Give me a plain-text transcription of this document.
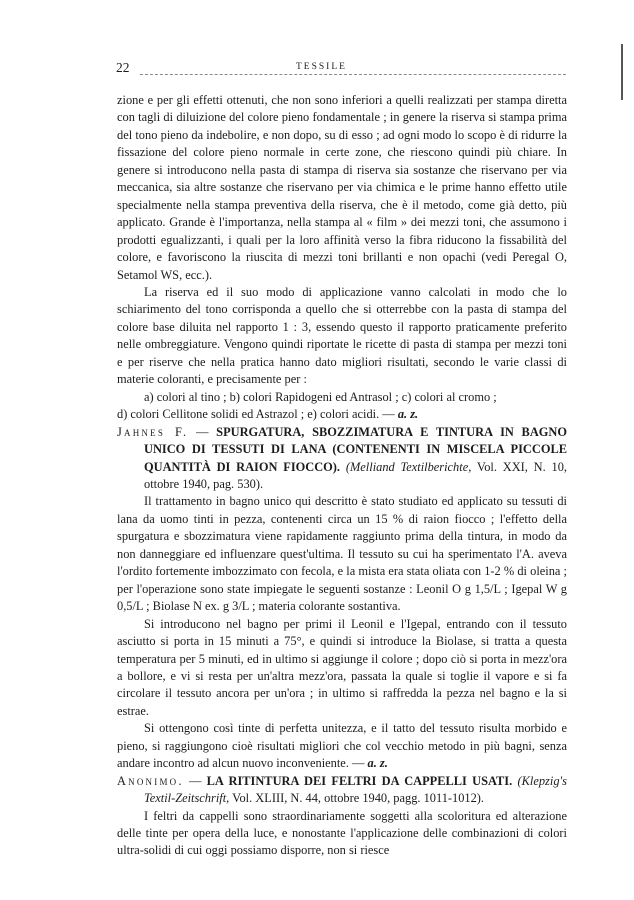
22	TESSILE

zione e per gli effetti ottenuti, che non sono inferiori a quelli realizzati per stampa diretta con tagli di diluizione del colore pieno fondamentale ; in genere la riserva si stampa prima del tono pieno da indebolire, e non dopo, su di esso ; ad ogni modo lo scopo è di ridurre la fissazione del colore pieno normale in certe zone, che riescono quindi più chiare. In genere si introducono nella pasta di stampa di riserva sia sostanze che riservano per via meccanica, sia altre sostanze che riservano per via chimica e le prime hanno effetto utile specialmente nella stampa preventiva della riserva, che è il metodo, come già detto, più applicato. Grande è l'importanza, nella stampa al « film » dei mezzi toni, che assumono i prodotti egualizzanti, i quali per la loro affinità verso la fibra riducono la fissabilità del colore, e favoriscono la riuscita di mezzi toni brillanti e non opachi (vedi Peregal O, Setamol WS, ecc.).

La riserva ed il suo modo di applicazione vanno calcolati in modo che lo schiarimento del tono corrisponda a quello che si otterrebbe con la pasta di stampa del colore base diluita nel rapporto 1 : 3, essendo questo il rapporto praticamente preferito nelle ombreggiature. Vengono quindi riportate le ricette di pasta di stampa per mezzi toni e per riserve che nella pratica hanno dato migliori risultati, secondo le varie classi di materie coloranti, e precisamente per :

a) colori al tino ; b) colori Rapidogeni ed Antrasol ; c) colori al cromo ;

d) colori Cellitone solidi ed Astrazol ; e) colori acidi. — a. z.

Jahnes F. — SPURGATURA, SBOZZIMATURA E TINTURA IN BAGNO UNICO DI TESSUTI DI LANA (CONTENENTI IN MISCELA PICCOLE QUANTITÀ DI RAION FIOCCO). (Melliand Textilberichte, Vol. XXI, N. 10, ottobre 1940, pag. 530).

Il trattamento in bagno unico qui descritto è stato studiato ed applicato su tessuti di lana da uomo tinti in pezza, contenenti circa un 15 % di raion fiocco ; l'effetto della spurgatura e sbozzimatura viene rapidamente raggiunto prima della tintura, in modo da non danneggiare ed influenzare quest'ultima. Il tessuto su cui ha sperimentato l'A. aveva l'ordito fortemente imbozzimato con fecola, e la mista era stata oliata con 1-2 % di oleina ; per l'operazione sono state impiegate le seguenti sostanze : Leonil O g 1,5/L ; Igepal W g 0,5/L ; Biolase N ex. g 3/L ; materia colorante sostantiva.

Si introducono nel bagno per primi il Leonil e l'Igepal, entrando con il tessuto asciutto si porta in 15 minuti a 75°, e quindi si introduce la Biolase, si tratta a questa temperatura per 5 minuti, ed in ultimo si aggiunge il colore ; dopo ciò si porta in mezz'ora a bollore, e vi si resta per un'altra mezz'ora, passata la quale si toglie il vapore e si fa circolare il tessuto ancora per un'ora ; in ultimo si raffredda la pezza nel bagno e la si estrae.

Si ottengono così tinte di perfetta unitezza, e il tatto del tessuto risulta morbido e pieno, si raggiungono cioè risultati migliori che col vecchio metodo in più bagni, senza andare incontro ad alcun nuovo inconveniente. — a. z.

Anonimo. — LA RITINTURA DEI FELTRI DA CAPPELLI USATI. (Klepzig's Textil-Zeitschrift, Vol. XLIII, N. 44, ottobre 1940, pagg. 1011-1012).

I feltri da cappelli sono straordinariamente soggetti alla scoloritura ed alterazione delle tinte per opera della luce, e nonostante l'applicazione delle combinazioni di colori ultra-solidi di cui oggi possiamo disporre, non si riesce
